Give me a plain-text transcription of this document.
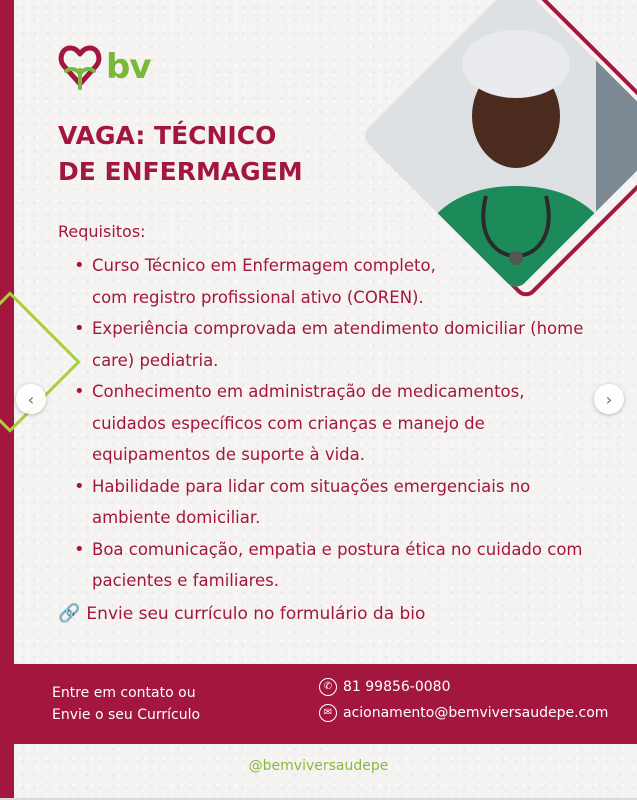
bv
VAGA: TÉCNICO
DE ENFERMAGEM
‹	›
Requisitos:
• Curso Técnico em Enfermagem completo,
com registro profissional ativo (COREN).
• Experiência comprovada em atendimento domiciliar (home care) pediatria.
• Conhecimento em administração de medicamentos, cuidados específicos com crianças e manejo de equipamentos de suporte à vida.
• Habilidade para lidar com situações emergenciais no ambiente domiciliar.
• Boa comunicação, empatia e postura ética no cuidado com pacientes e familiares.
🔗 Envie seu currículo no formulário da bio
Entre em contato ou
Envie o seu Currículo
✆ 81 99856-0080
✉ acionamento@bemviversaudepe.com
@bemviversaudepe
